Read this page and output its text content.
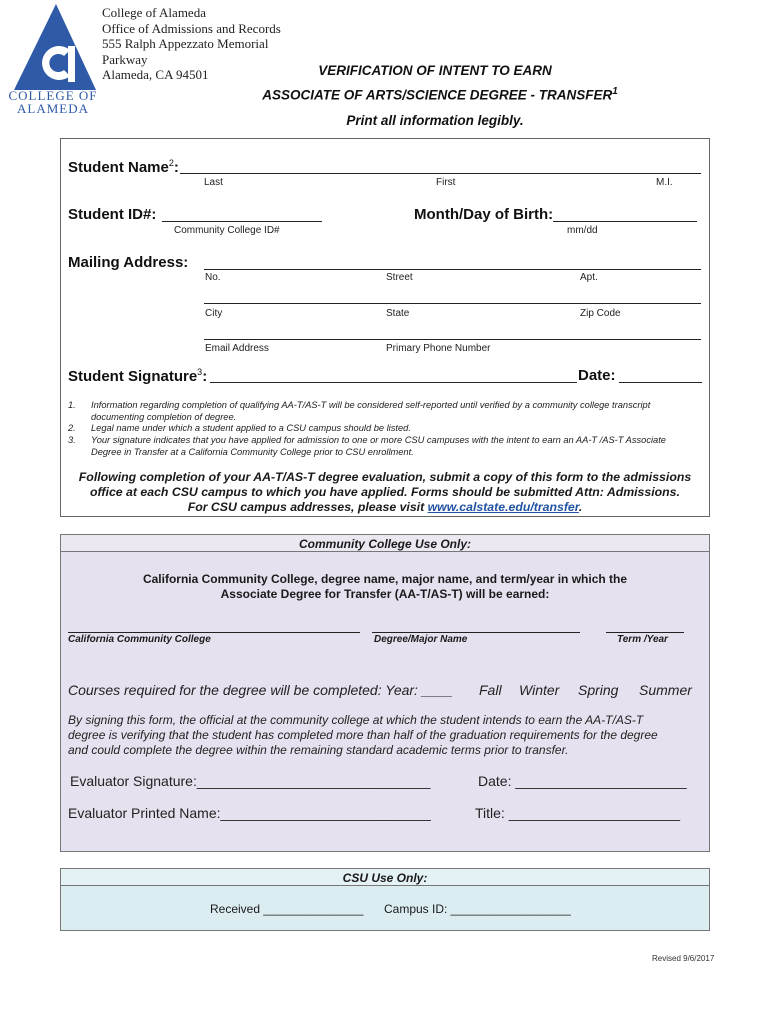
COLLEGE OF
ALAMEDA
College of Alameda
Office of Admissions and Records
555 Ralph Appezzato Memorial
Parkway
Alameda, CA 94501	VERIFICATION OF INTENT TO EARN
ASSOCIATE OF ARTS/SCIENCE DEGREE - TRANSFER$^1$
Print all information legibly.
Student Name$^2$:
Last	First	M.I.
Student ID#:
Community College ID#
Month/Day of Birth:
mm/dd
Mailing Address:
No.	Street	Apt.
City	State	Zip Code
Email Address	Primary Phone Number
Student Signature$^3$:	Date:
1. Information regarding completion of qualifying AA-T/AS-T will be considered self-reported until verified by a community college transcript documenting completion of degree.
2. Legal name under which a student applied to a CSU campus should be listed.
3. Your signature indicates that you have applied for admission to one or more CSU campuses with the intent to earn an AA-T /AS-T Associate Degree in Transfer at a California Community College prior to CSU enrollment.
Following completion of your AA-T/AS-T degree evaluation, submit a copy of this form to the admissions
office at each CSU campus to which you have applied. Forms should be submitted Attn: Admissions.
For CSU campus addresses, please visit www.calstate.edu/transfer.
Community College Use Only:
California Community College, degree name, major name, and term/year in which the
Associate Degree for Transfer (AA-T/AS-T) will be earned:
California Community College	Degree/Major Name	Term /Year
Courses required for the degree will be completed: Year: ____ Fall Winter Spring Summer
By signing this form, the official at the community college at which the student intends to earn the AA-T/AS-T
degree is verifying that the student has completed more than half of the graduation requirements for the degree
and could complete the degree within the remaining standard academic terms prior to transfer.
Evaluator Signature:______________________________	Date: ______________________
Evaluator Printed Name:___________________________	Title: ______________________
CSU Use Only:
Received _______________ Campus ID: __________________
Revised 9/6/2017
